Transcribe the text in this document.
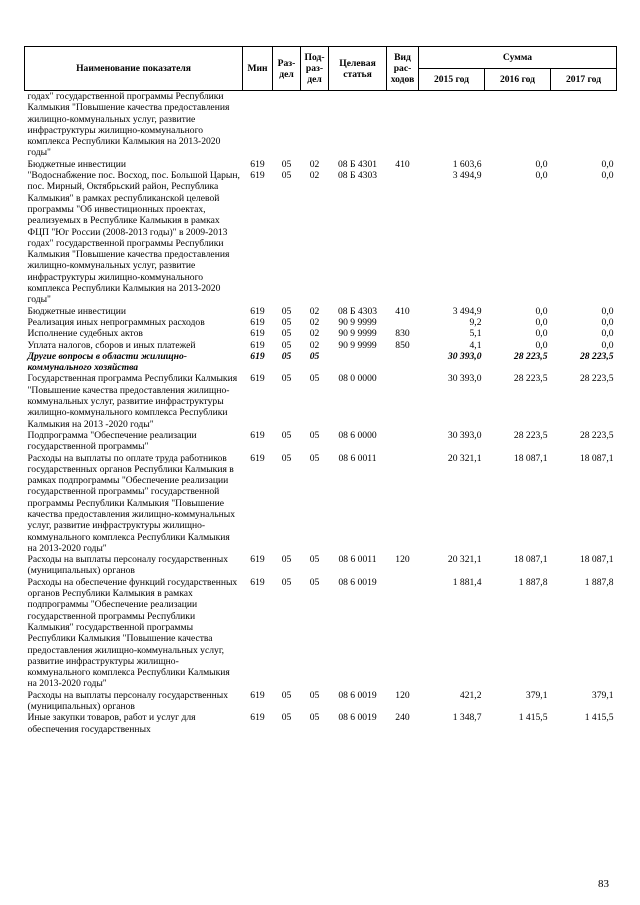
Наименование показателя	Мин	Раз-дел	Под-раз-дел	Целевая статья	Вид рас-ходов	Сумма		
						2015 год	2016 год	2017 год
годах" государственной программы Республики Калмыкия "Повышение качества предоставления жилищно-коммунальных услуг, развитие инфраструктуры жилищно-коммунального комплекса Республики Калмыкия на 2013-2020 годы"								
Бюджетные инвестиции	619	05	02	08 Б 4301	410	1 603,6	0,0	0,0
"Водоснабжение пос. Восход, пос. Большой Царын, пос. Мирный, Октябрьский район, Республика Калмыкия" в рамках республиканской целевой программы "Об инвестиционных проектах, реализуемых в Республике Калмыкия в рамках ФЦП "Юг России (2008-2013 годы)" в 2009-2013 годах" государственной программы Республики Калмыкия "Повышение качества предоставления жилищно-коммунальных услуг, развитие инфраструктуры жилищно-коммунального комплекса Республики Калмыкия на 2013-2020 годы"	619	05	02	08 Б 4303		3 494,9	0,0	0,0
Бюджетные инвестиции	619	05	02	08 Б 4303	410	3 494,9	0,0	0,0
Реализация иных непрограммных расходов	619	05	02	90 9 9999		9,2	0,0	0,0
Исполнение судебных актов	619	05	02	90 9 9999	830	5,1	0,0	0,0
Уплата налогов, сборов и иных платежей	619	05	02	90 9 9999	850	4,1	0,0	0,0
Другие вопросы в области жилищно-коммунального хозяйства	619	05	05			30 393,0	28 223,5	28 223,5
Государственная программа Республики Калмыкия "Повышение качества предоставления жилищно-коммунальных услуг, развитие инфраструктуры жилищно-коммунального комплекса Республики Калмыкия на 2013 -2020 годы"	619	05	05	08 0 0000		30 393,0	28 223,5	28 223,5
Подпрограмма "Обеспечение реализации государственной программы"	619	05	05	08 6 0000		30 393,0	28 223,5	28 223,5
Расходы на выплаты по оплате труда работников государственных органов Республики Калмыкия в рамках подпрограммы "Обеспечение реализации государственной программы" государственной программы Республики Калмыкия "Повышение качества предоставления жилищно-коммунальных услуг, развитие инфраструктуры жилищно-коммунального комплекса Республики Калмыкия на 2013-2020 годы"	619	05	05	08 6 0011		20 321,1	18 087,1	18 087,1
Расходы на выплаты персоналу государственных (муниципальных) органов	619	05	05	08 6 0011	120	20 321,1	18 087,1	18 087,1
Расходы на обеспечение функций государственных органов Республики Калмыкия в рамках подпрограммы "Обеспечение реализации государственной программы Республики Калмыкия" государственной программы Республики Калмыкия "Повышение качества предоставления жилищно-коммунальных услуг, развитие инфраструктуры жилищно-коммунального комплекса Республики Калмыкия на 2013-2020 годы"	619	05	05	08 6 0019		1 881,4	1 887,8	1 887,8
Расходы на выплаты персоналу государственных (муниципальных) органов	619	05	05	08 6 0019	120	421,2	379,1	379,1
Иные закупки товаров, работ и услуг для обеспечения государственных	619	05	05	08 6 0019	240	1 348,7	1 415,5	1 415,5
83
